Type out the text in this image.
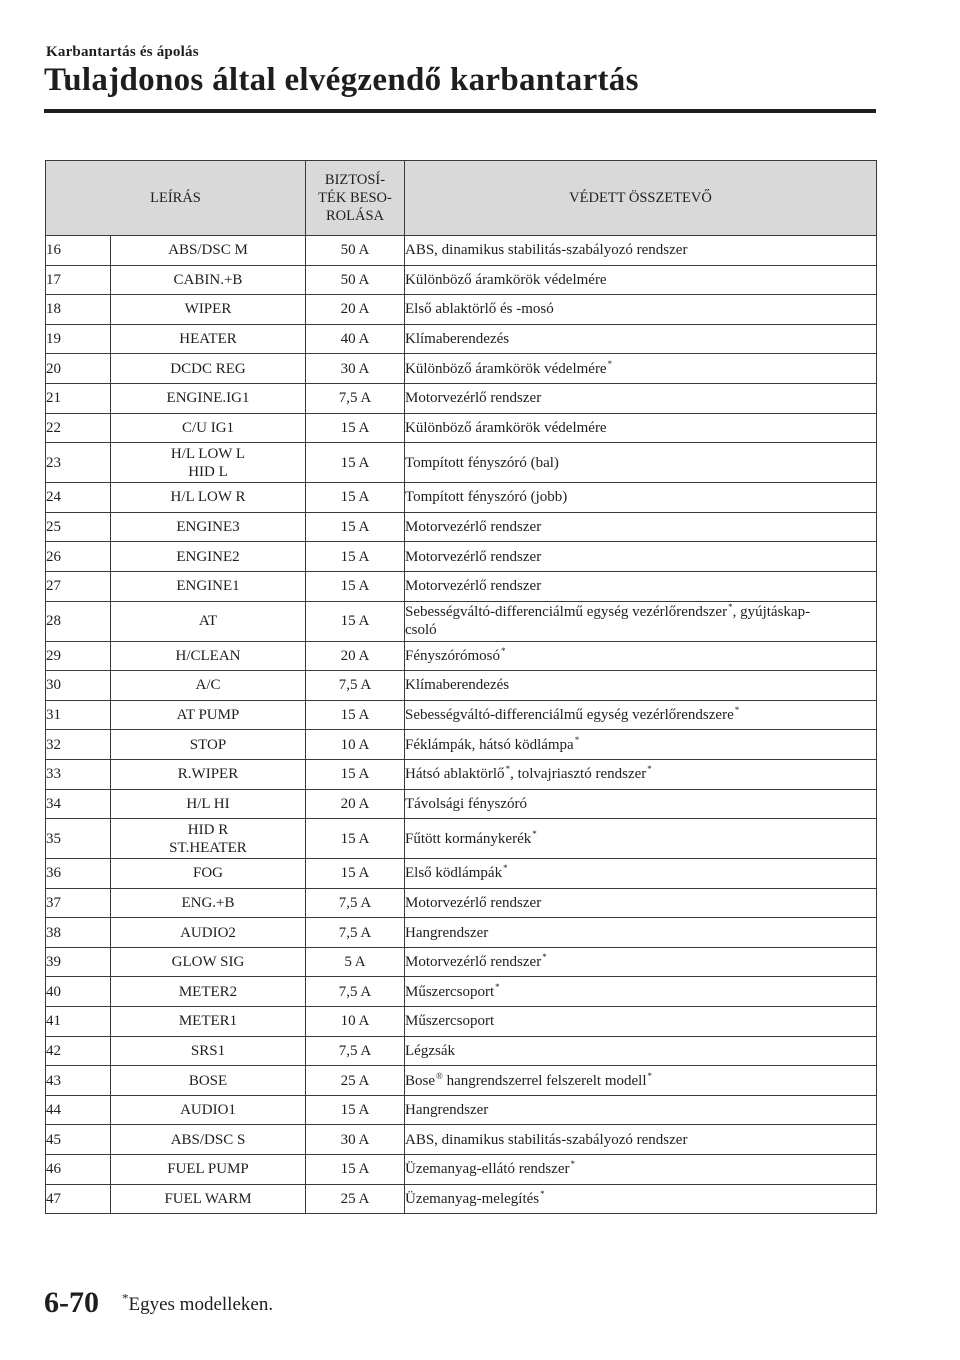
Karbantartás és ápolás
Tulajdonos által elvégzendő karbantartás
LEÍRÁS		BIZTOSÍ-
TÉK BESO-
ROLÁSA	VÉDETT ÖSSZETEVŐ
16	ABS/DSC M	50 A	ABS, dinamikus stabilitás-szabályozó rendszer
17	CABIN.+B	50 A	Különböző áramkörök védelmére
18	WIPER	20 A	Első ablaktörlő és -mosó
19	HEATER	40 A	Klímaberendezés
20	DCDC REG	30 A	Különböző áramkörök védelmére*
21	ENGINE.IG1	7,5 A	Motorvezérlő rendszer
22	C/U IG1	15 A	Különböző áramkörök védelmére
23	H/L LOW L
HID L	15 A	Tompított fényszóró (bal)
24	H/L LOW R	15 A	Tompított fényszóró (jobb)
25	ENGINE3	15 A	Motorvezérlő rendszer
26	ENGINE2	15 A	Motorvezérlő rendszer
27	ENGINE1	15 A	Motorvezérlő rendszer
28	AT	15 A	Sebességváltó-differenciálmű egység vezérlőrendszer*, gyújtáskap-
csoló
29	H/CLEAN	20 A	Fényszórómosó*
30	A/C	7,5 A	Klímaberendezés
31	AT PUMP	15 A	Sebességváltó-differenciálmű egység vezérlőrendszere*
32	STOP	10 A	Féklámpák, hátsó ködlámpa*
33	R.WIPER	15 A	Hátsó ablaktörlő*, tolvajriasztó rendszer*
34	H/L HI	20 A	Távolsági fényszóró
35	HID R
ST.HEATER	15 A	Fűtött kormánykerék*
36	FOG	15 A	Első ködlámpák*
37	ENG.+B	7,5 A	Motorvezérlő rendszer
38	AUDIO2	7,5 A	Hangrendszer
39	GLOW SIG	5 A	Motorvezérlő rendszer*
40	METER2	7,5 A	Műszercsoport*
41	METER1	10 A	Műszercsoport
42	SRS1	7,5 A	Légzsák
43	BOSE	25 A	Bose® hangrendszerrel felszerelt modell*
44	AUDIO1	15 A	Hangrendszer
45	ABS/DSC S	30 A	ABS, dinamikus stabilitás-szabályozó rendszer
46	FUEL PUMP	15 A	Üzemanyag-ellátó rendszer*
47	FUEL WARM	25 A	Üzemanyag-melegítés*
6-70 *Egyes modelleken.
